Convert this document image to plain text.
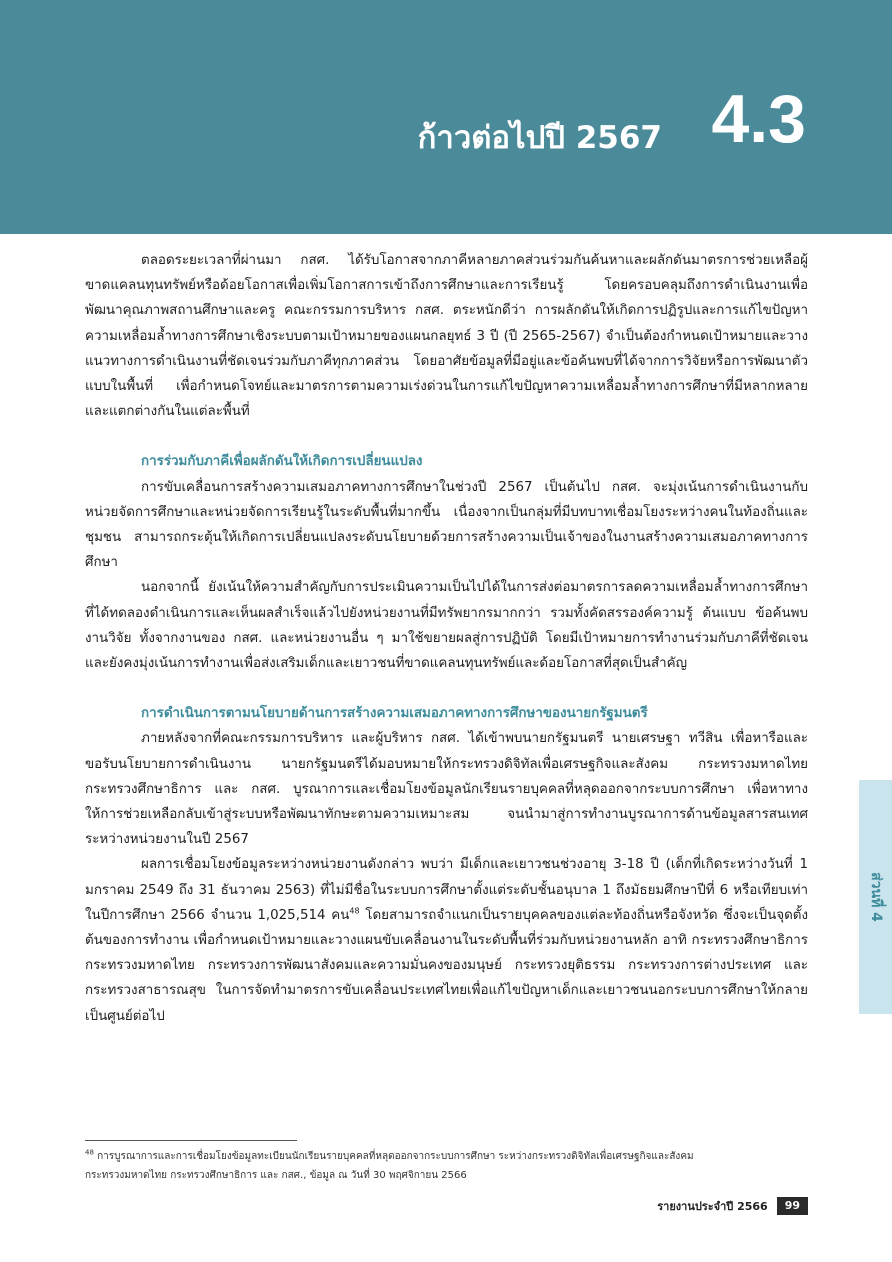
ก้าวต่อไปปี 2567 4.3

ตลอดระยะเวลาที่ผ่านมา กสศ. ได้รับโอกาสจากภาคีหลายภาคส่วนร่วมกันค้นหาและผลักดันมาตรการช่วยเหลือผู้ขาดแคลนทุนทรัพย์หรือด้อยโอกาสเพื่อเพิ่มโอกาสการเข้าถึงการศึกษาและการเรียนรู้ โดยครอบคลุมถึงการดำเนินงานเพื่อพัฒนาคุณภาพสถานศึกษาและครู คณะกรรมการบริหาร กสศ. ตระหนักดีว่า การผลักดันให้เกิดการปฏิรูปและการแก้ไขปัญหาความเหลื่อมล้ำทางการศึกษาเชิงระบบตามเป้าหมายของแผนกลยุทธ์ 3 ปี (ปี 2565-2567) จำเป็นต้องกำหนดเป้าหมายและวางแนวทางการดำเนินงานที่ชัดเจนร่วมกับภาคีทุกภาคส่วน โดยอาศัยข้อมูลที่มีอยู่และข้อค้นพบที่ได้จากการวิจัยหรือการพัฒนาตัวแบบในพื้นที่ เพื่อกำหนดโจทย์และมาตรการตามความเร่งด่วนในการแก้ไขปัญหาความเหลื่อมล้ำทางการศึกษาที่มีหลากหลายและแตกต่างกันในแต่ละพื้นที่

การร่วมกับภาคีเพื่อผลักดันให้เกิดการเปลี่ยนแปลง

การขับเคลื่อนการสร้างความเสมอภาคทางการศึกษาในช่วงปี 2567 เป็นต้นไป กสศ. จะมุ่งเน้นการดำเนินงานกับหน่วยจัดการศึกษาและหน่วยจัดการเรียนรู้ในระดับพื้นที่มากขึ้น เนื่องจากเป็นกลุ่มที่มีบทบาทเชื่อมโยงระหว่างคนในท้องถิ่นและชุมชน สามารถกระตุ้นให้เกิดการเปลี่ยนแปลงระดับนโยบายด้วยการสร้างความเป็นเจ้าของในงานสร้างความเสมอภาคทางการศึกษา

นอกจากนี้ ยังเน้นให้ความสำคัญกับการประเมินความเป็นไปได้ในการส่งต่อมาตรการลดความเหลื่อมล้ำทางการศึกษาที่ได้ทดลองดำเนินการและเห็นผลสำเร็จแล้วไปยังหน่วยงานที่มีทรัพยากรมากกว่า รวมทั้งคัดสรรองค์ความรู้ ต้นแบบ ข้อค้นพบ งานวิจัย ทั้งจากงานของ กสศ. และหน่วยงานอื่น ๆ มาใช้ขยายผลสู่การปฏิบัติ โดยมีเป้าหมายการทำงานร่วมกับภาคีที่ชัดเจน และยังคงมุ่งเน้นการทำงานเพื่อส่งเสริมเด็กและเยาวชนที่ขาดแคลนทุนทรัพย์และด้อยโอกาสที่สุดเป็นสำคัญ

การดำเนินการตามนโยบายด้านการสร้างความเสมอภาคทางการศึกษาของนายกรัฐมนตรี

ภายหลังจากที่คณะกรรมการบริหาร และผู้บริหาร กสศ. ได้เข้าพบนายกรัฐมนตรี นายเศรษฐา ทวีสิน เพื่อหารือและขอรับนโยบายการดำเนินงาน นายกรัฐมนตรีได้มอบหมายให้กระทรวงดิจิทัลเพื่อเศรษฐกิจและสังคม กระทรวงมหาดไทย กระทรวงศึกษาธิการ และ กสศ. บูรณาการและเชื่อมโยงข้อมูลนักเรียนรายบุคคลที่หลุดออกจากระบบการศึกษา เพื่อหาทางให้การช่วยเหลือกลับเข้าสู่ระบบหรือพัฒนาทักษะตามความเหมาะสม จนนำมาสู่การทำงานบูรณาการด้านข้อมูลสารสนเทศระหว่างหน่วยงานในปี 2567

ผลการเชื่อมโยงข้อมูลระหว่างหน่วยงานดังกล่าว พบว่า มีเด็กและเยาวชนช่วงอายุ 3-18 ปี (เด็กที่เกิดระหว่างวันที่ 1 มกราคม 2549 ถึง 31 ธันวาคม 2563) ที่ไม่มีชื่อในระบบการศึกษาตั้งแต่ระดับชั้นอนุบาล 1 ถึงมัธยมศึกษาปีที่ 6 หรือเทียบเท่าในปีการศึกษา 2566 จำนวน 1,025,514 คน$^{48}$ โดยสามารถจำแนกเป็นรายบุคคลของแต่ละท้องถิ่นหรือจังหวัด ซึ่งจะเป็นจุดตั้งต้นของการทำงาน เพื่อกำหนดเป้าหมายและวางแผนขับเคลื่อนงานในระดับพื้นที่ร่วมกับหน่วยงานหลัก อาทิ กระทรวงศึกษาธิการ กระทรวงมหาดไทย กระทรวงการพัฒนาสังคมและความมั่นคงของมนุษย์ กระทรวงยุติธรรม กระทรวงการต่างประเทศ และกระทรวงสาธารณสุข ในการจัดทำมาตรการขับเคลื่อนประเทศไทยเพื่อแก้ไขปัญหาเด็กและเยาวชนนอกระบบการศึกษาให้กลายเป็นศูนย์ต่อไป

ส่วนที่ 4
$^{48}$ การบูรณาการและการเชื่อมโยงข้อมูลทะเบียนนักเรียนรายบุคคลที่หลุดออกจากระบบการศึกษา ระหว่างกระทรวงดิจิทัลเพื่อเศรษฐกิจและสังคม
กระทรวงมหาดไทย กระทรวงศึกษาธิการ และ กสศ., ข้อมูล ณ วันที่ 30 พฤศจิกายน 2566
รายงานประจำปี 2566	99
